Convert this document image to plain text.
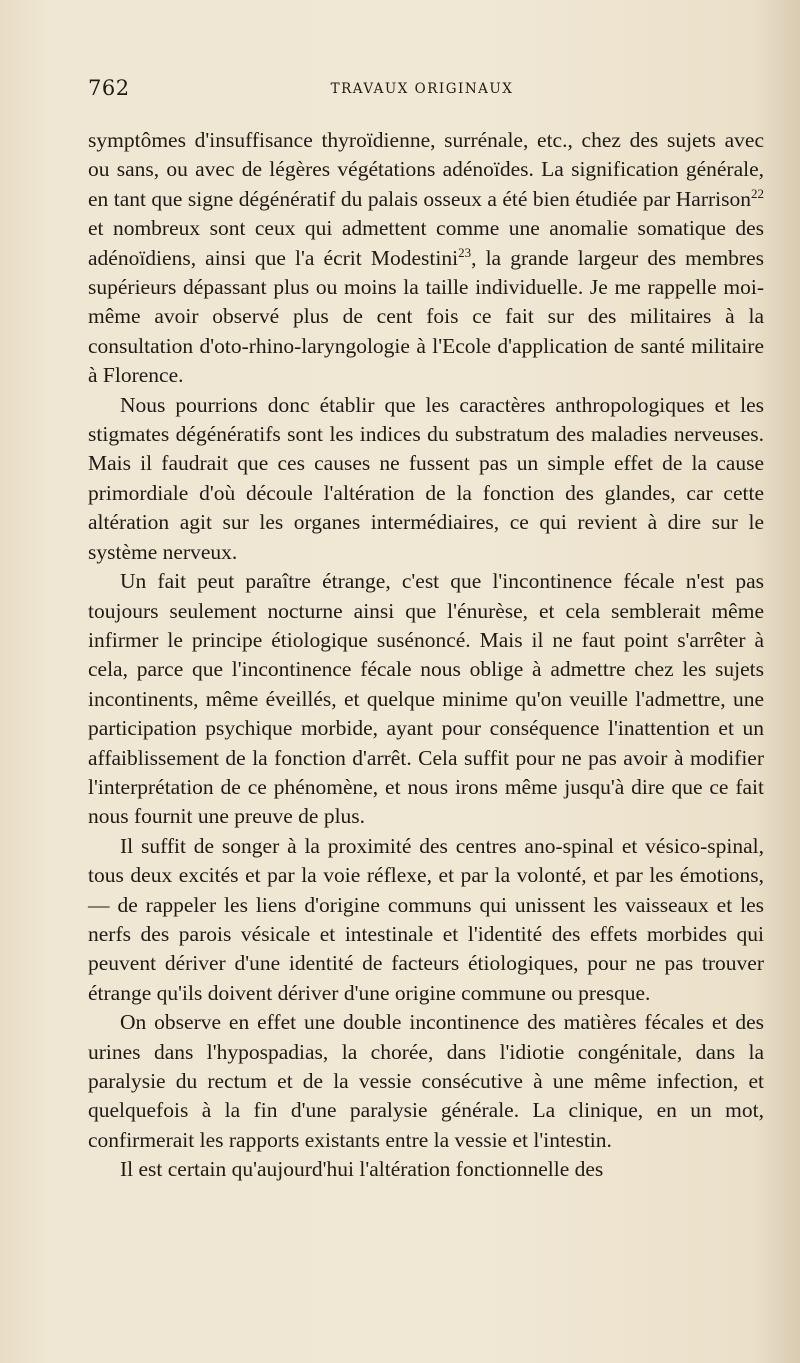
762	TRAVAUX ORIGINAUX

symptômes d'insuffisance thyroïdienne, surrénale, etc., chez des sujets avec ou sans, ou avec de légères végétations adénoïdes. La signification générale, en tant que signe dégénératif du palais osseux a été bien étudiée par Harrison$^{22}$ et nombreux sont ceux qui admettent comme une anomalie somatique des adénoïdiens, ainsi que l'a écrit Modestini$^{23}$, la grande largeur des membres supérieurs dépassant plus ou moins la taille individuelle. Je me rappelle moi-même avoir observé plus de cent fois ce fait sur des militaires à la consultation d'oto-rhino-laryngologie à l'Ecole d'application de santé militaire à Florence.

Nous pourrions donc établir que les caractères anthropologiques et les stigmates dégénératifs sont les indices du substratum des maladies nerveuses. Mais il faudrait que ces causes ne fussent pas un simple effet de la cause primordiale d'où découle l'altération de la fonction des glandes, car cette altération agit sur les organes intermédiaires, ce qui revient à dire sur le système nerveux.

Un fait peut paraître étrange, c'est que l'incontinence fécale n'est pas toujours seulement nocturne ainsi que l'énurèse, et cela semblerait même infirmer le principe étiologique susénoncé. Mais il ne faut point s'arrêter à cela, parce que l'incontinence fécale nous oblige à admettre chez les sujets incontinents, même éveillés, et quelque minime qu'on veuille l'admettre, une participation psychique morbide, ayant pour conséquence l'inattention et un affaiblissement de la fonction d'arrêt. Cela suffit pour ne pas avoir à modifier l'interprétation de ce phénomène, et nous irons même jusqu'à dire que ce fait nous fournit une preuve de plus.

Il suffit de songer à la proximité des centres ano-spinal et vésico-spinal, tous deux excités et par la voie réflexe, et par la volonté, et par les émotions, — de rappeler les liens d'origine communs qui unissent les vaisseaux et les nerfs des parois vésicale et intestinale et l'identité des effets morbides qui peuvent dériver d'une identité de facteurs étiologiques, pour ne pas trouver étrange qu'ils doivent dériver d'une origine commune ou presque.

On observe en effet une double incontinence des matières fécales et des urines dans l'hypospadias, la chorée, dans l'idiotie congénitale, dans la paralysie du rectum et de la vessie consécutive à une même infection, et quelquefois à la fin d'une paralysie générale. La clinique, en un mot, confirmerait les rapports existants entre la vessie et l'intestin.

Il est certain qu'aujourd'hui l'altération fonctionnelle des
